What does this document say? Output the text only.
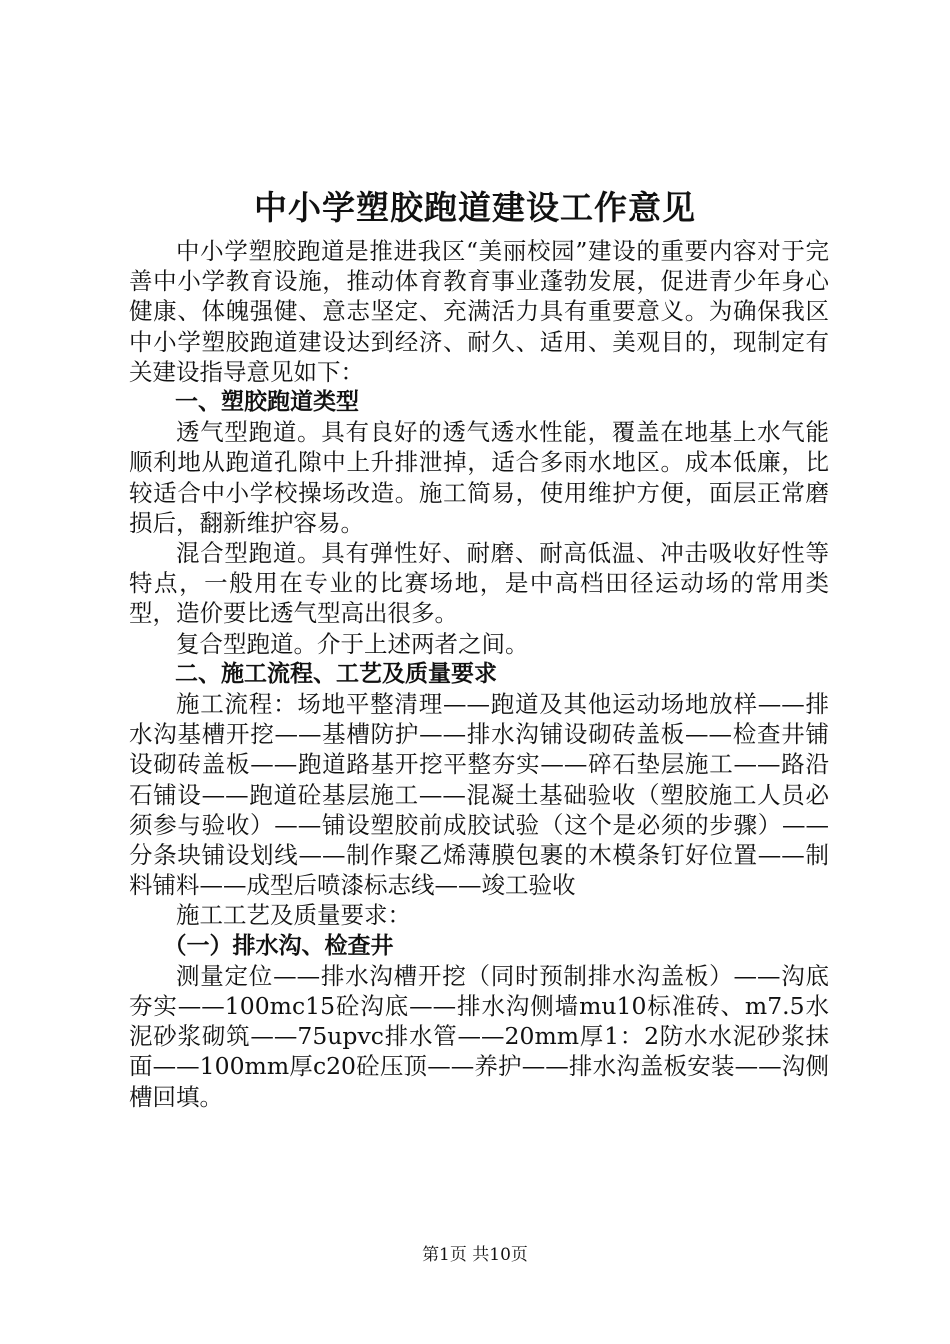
中小学塑胶跑道建设工作意见

中小学塑胶跑道是推进我区“美丽校园”建设的重要内容对于完善中小学教育设施，推动体育教育事业蓬勃发展，促进青少年身心健康、体魄强健、意志坚定、充满活力具有重要意义。为确保我区中小学塑胶跑道建设达到经济、耐久、适用、美观目的，现制定有关建设指导意见如下：

一、塑胶跑道类型

透气型跑道。具有良好的透气透水性能，覆盖在地基上水气能顺利地从跑道孔隙中上升排泄掉，适合多雨水地区。成本低廉，比较适合中小学校操场改造。施工简易，使用维护方便，面层正常磨损后，翻新维护容易。

混合型跑道。具有弹性好、耐磨、耐高低温、冲击吸收好性等特点，一般用在专业的比赛场地，是中高档田径运动场的常用类型，造价要比透气型高出很多。

复合型跑道。介于上述两者之间。

二、施工流程、工艺及质量要求

施工流程：场地平整清理——跑道及其他运动场地放样——排水沟基槽开挖——基槽防护——排水沟铺设砌砖盖板——检查井铺设砌砖盖板——跑道路基开挖平整夯实——碎石垫层施工——路沿石铺设——跑道砼基层施工——混凝土基础验收（塑胶施工人员必须参与验收）——铺设塑胶前成胶试验（这个是必须的步骤）——分条块铺设划线——制作聚乙烯薄膜包裹的木模条钉好位置——制料铺料——成型后喷漆标志线——竣工验收

施工工艺及质量要求：

（一）排水沟、检查井

测量定位——排水沟槽开挖（同时预制排水沟盖板）——沟底夯实——100mc15砼沟底——排水沟侧墙mu10标准砖、m7.5水泥砂浆砌筑——75upvc排水管——20mm厚1：2防水水泥砂浆抹面——100mm厚c20砼压顶——养护——排水沟盖板安装——沟侧槽回填。

第1页 共10页
